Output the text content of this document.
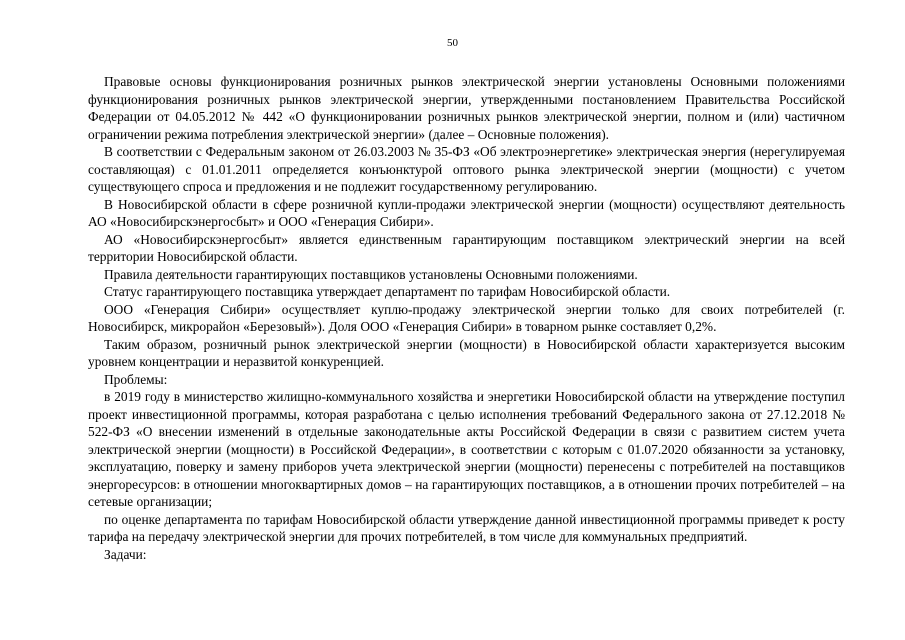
50

Правовые основы функционирования розничных рынков электрической энергии установлены Основными положениями функционирования розничных рынков электрической энергии, утвержденными постановлением Правительства Российской Федерации от 04.05.2012 № 442 «О функционировании розничных рынков электрической энергии, полном и (или) частичном ограничении режима потребления электрической энергии» (далее – Основные положения).

В соответствии с Федеральным законом от 26.03.2003 № 35-ФЗ «Об электроэнергетике» электрическая энергия (нерегулируемая составляющая) с 01.01.2011 определяется конъюнктурой оптового рынка электрической энергии (мощности) с учетом существующего спроса и предложения и не подлежит государственному регулированию.

В Новосибирской области в сфере розничной купли-продажи электрической энергии (мощности) осуществляют деятельность АО «Новосибирскэнергосбыт» и ООО «Генерация Сибири».

АО «Новосибирскэнергосбыт» является единственным гарантирующим поставщиком электрический энергии на всей территории Новосибирской области.

Правила деятельности гарантирующих поставщиков установлены Основными положениями.

Статус гарантирующего поставщика утверждает департамент по тарифам Новосибирской области.

ООО «Генерация Сибири» осуществляет куплю-продажу электрической энергии только для своих потребителей (г. Новосибирск, микрорайон «Березовый»). Доля ООО «Генерация Сибири» в товарном рынке составляет 0,2%.

Таким образом, розничный рынок электрической энергии (мощности) в Новосибирской области характеризуется высоким уровнем концентрации и неразвитой конкуренцией.

Проблемы:

в 2019 году в министерство жилищно-коммунального хозяйства и энергетики Новосибирской области на утверждение поступил проект инвестиционной программы, которая разработана с целью исполнения требований Федерального закона от 27.12.2018 № 522-ФЗ «О внесении изменений в отдельные законодательные акты Российской Федерации в связи с развитием систем учета электрической энергии (мощности) в Российской Федерации», в соответствии с которым с 01.07.2020 обязанности за установку, эксплуатацию, поверку и замену приборов учета электрической энергии (мощности) перенесены с потребителей на поставщиков энергоресурсов: в отношении многоквартирных домов – на гарантирующих поставщиков, а в отношении прочих потребителей – на сетевые организации;

по оценке департамента по тарифам Новосибирской области утверждение данной инвестиционной программы приведет к росту тарифа на передачу электрической энергии для прочих потребителей, в том числе для коммунальных предприятий.

Задачи:
